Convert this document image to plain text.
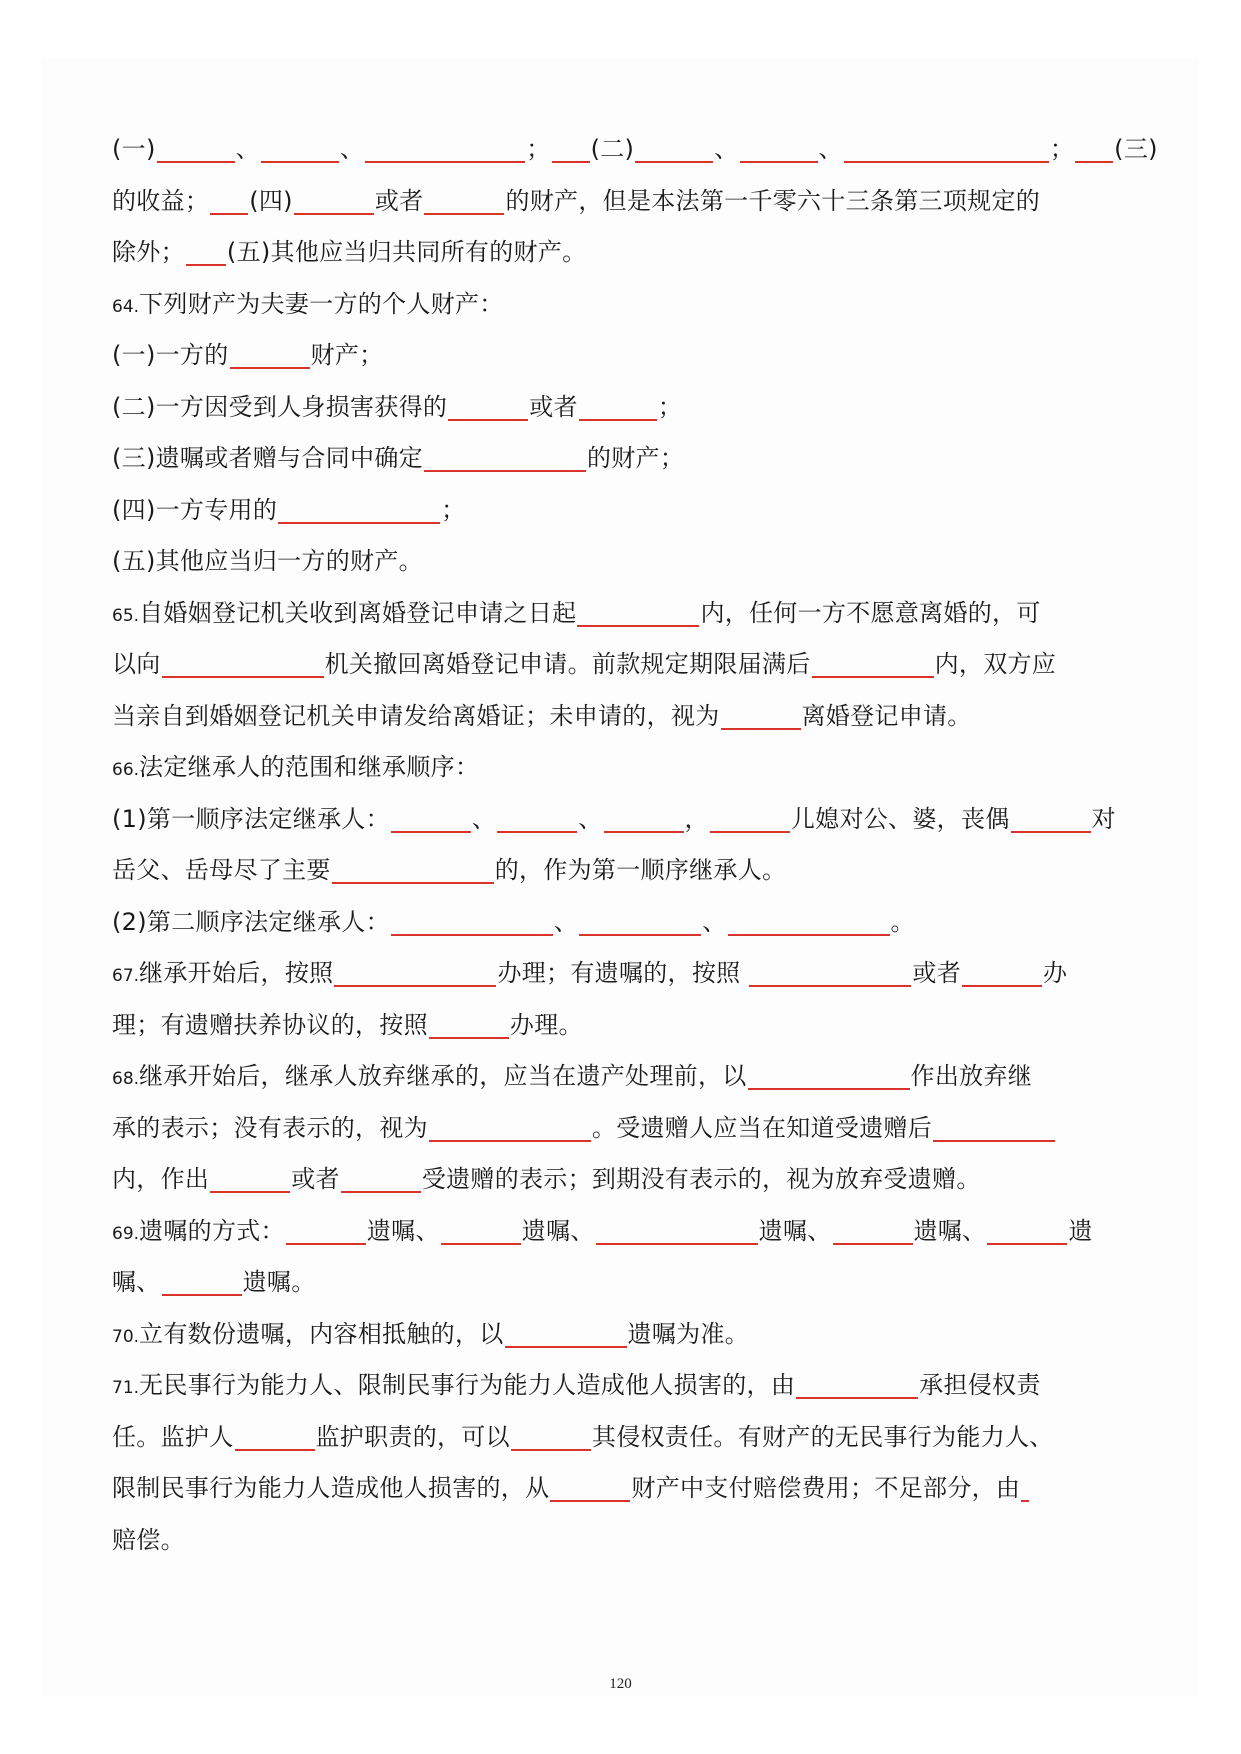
(一)	、	、	； (二)	、	、	； (三)
的收益； (四)	或者	的财产，但是本法第一千零六十三条第三项规定的
除外； (五)其他应当归共同所有的财产。
64.下列财产为夫妻一方的个人财产：
(一)一方的	财产；
(二)一方因受到人身损害获得的	或者	；
(三)遗嘱或者赠与合同中确定	的财产；
(四)一方专用的	；
(五)其他应当归一方的财产。
65.自婚姻登记机关收到离婚登记申请之日起	内，任何一方不愿意离婚的，可
以向	机关撤回离婚登记申请。前款规定期限届满后	内，双方应
当亲自到婚姻登记机关申请发给离婚证；未申请的，视为	离婚登记申请。
66.法定继承人的范围和继承顺序：
(1)第一顺序法定继承人：	、	、	，	儿媳对公、婆，丧偶	对
岳父、岳母尽了主要	的，作为第一顺序继承人。
(2)第二顺序法定继承人：	、	、	。
67.继承开始后，按照	办理；有遗嘱的，按照	或者	办
理；有遗赠扶养协议的，按照	办理。
68.继承开始后，继承人放弃继承的，应当在遗产处理前，以	作出放弃继
承的表示；没有表示的，视为	。受遗赠人应当在知道受遗赠后
内，作出	或者	受遗赠的表示；到期没有表示的，视为放弃受遗赠。
69.遗嘱的方式：	遗嘱、	遗嘱、	遗嘱、	遗嘱、	遗
嘱、	遗嘱。
70.立有数份遗嘱，内容相抵触的，以	遗嘱为准。
71.无民事行为能力人、限制民事行为能力人造成他人损害的，由	承担侵权责
任。监护人	监护职责的，可以	其侵权责任。有财产的无民事行为能力人、
限制民事行为能力人造成他人损害的，从	财产中支付赔偿费用；不足部分，由
赔偿。
120
